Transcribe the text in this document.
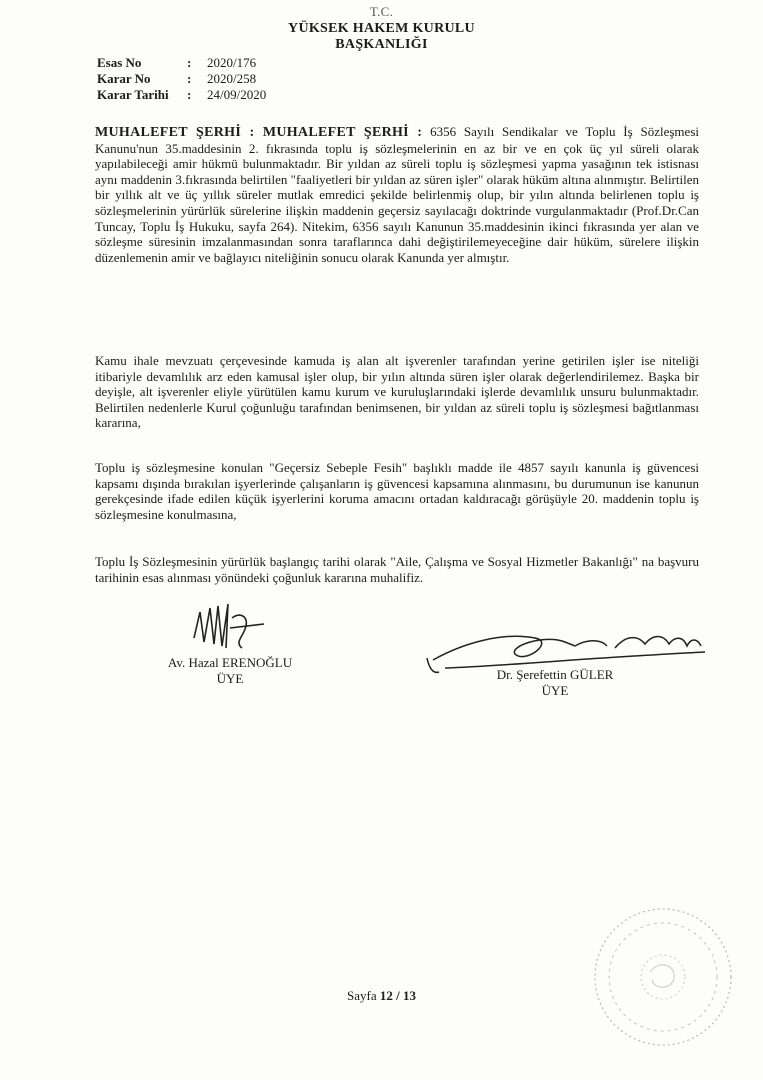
T.C.
YÜKSEK HAKEM KURULU
BAŞKANLIĞI
Esas No	:	2020/176
Karar No	:	2020/258
Karar Tarihi	:	24/09/2020

MUHALEFET ŞERHİ : MUHALEFET ŞERHİ : 6356 Sayılı Sendikalar ve Toplu İş Sözleşmesi Kanunu'nun 35.maddesinin 2. fıkrasında toplu iş sözleşmelerinin en az bir ve en çok üç yıl süreli olarak yapılabileceği amir hükmü bulunmaktadır. Bir yıldan az süreli toplu iş sözleşmesi yapma yasağının tek istisnası aynı maddenin 3.fıkrasında belirtilen "faaliyetleri bir yıldan az süren işler" olarak hüküm altına alınmıştır. Belirtilen bir yıllık alt ve üç yıllık süreler mutlak emredici şekilde belirlenmiş olup, bir yılın altında belirlenen toplu iş sözleşmelerinin yürürlük sürelerine ilişkin maddenin geçersiz sayılacağı doktrinde vurgulanmaktadır (Prof.Dr.Can Tuncay, Toplu İş Hukuku, sayfa 264). Nitekim, 6356 sayılı Kanunun 35.maddesinin ikinci fıkrasında yer alan ve sözleşme süresinin imzalanmasından sonra taraflarınca dahi değiştirilemeyeceğine dair hüküm, sürelere ilişkin düzenlemenin amir ve bağlayıcı niteliğinin sonucu olarak Kanunda yer almıştır.

Kamu ihale mevzuatı çerçevesinde kamuda iş alan alt işverenler tarafından yerine getirilen işler ise niteliği itibariyle devamlılık arz eden kamusal işler olup, bir yılın altında süren işler olarak değerlendirilemez. Başka bir deyişle, alt işverenler eliyle yürütülen kamu kurum ve kuruluşlarındaki işlerde devamlılık unsuru bulunmaktadır. Belirtilen nedenlerle Kurul çoğunluğu tarafından benimsenen, bir yıldan az süreli toplu iş sözleşmesi bağıtlanması kararına,

Toplu iş sözleşmesine konulan "Geçersiz Sebeple Fesih" başlıklı madde ile 4857 sayılı kanunla iş güvencesi kapsamı dışında bırakılan işyerlerinde çalışanların iş güvencesi kapsamına alınmasını, bu durumunun ise kanunun gerekçesinde ifade edilen küçük işyerlerini koruma amacını ortadan kaldıracağı görüşüyle 20. maddenin toplu iş sözleşmesine konulmasına,

Toplu İş Sözleşmesinin yürürlük başlangıç tarihi olarak "Aile, Çalışma ve Sosyal Hizmetler Bakanlığı" na başvuru tarihinin esas alınması yönündeki çoğunluk kararına muhalifiz.

Av. Hazal ERENOĞLU
ÜYE	Dr. Şerefettin GÜLER
ÜYE
Sayfa 12 / 13
